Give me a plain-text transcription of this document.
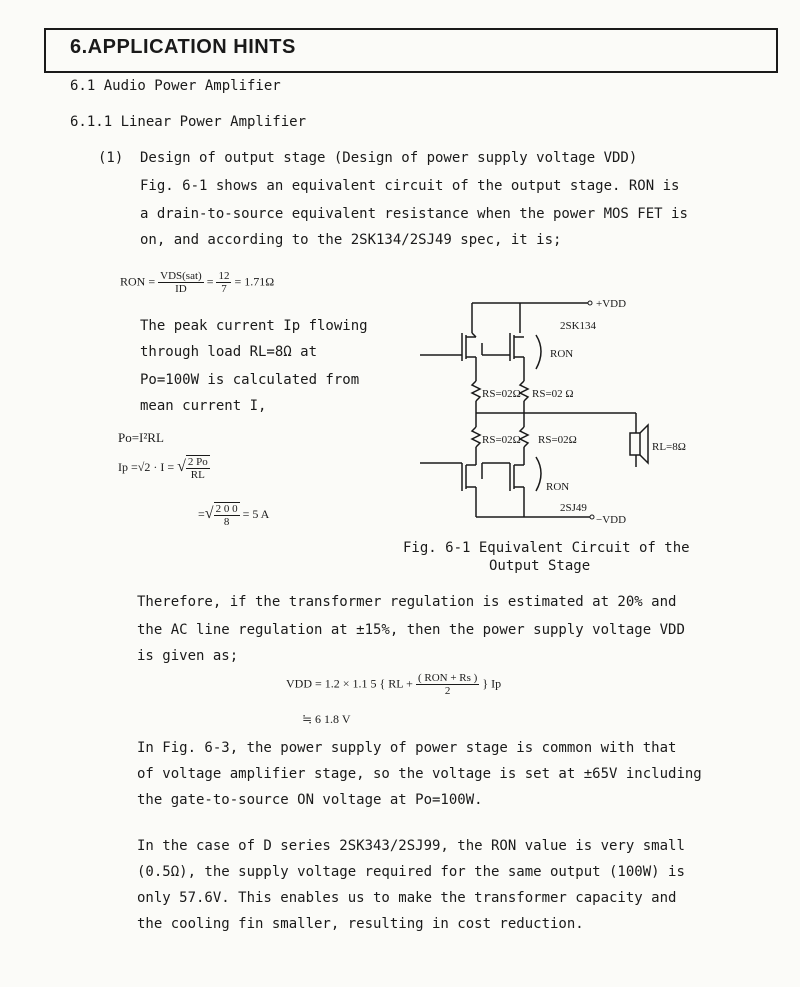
6.APPLICATION HINTS
6.1 Audio Power Amplifier
6.1.1 Linear Power Amplifier
(1) Design of output stage (Design of power supply voltage VDD)
Fig. 6-1 shows an equivalent circuit of the output stage. RON is
a drain-to-source equivalent resistance when the power MOS FET is
on, and according to the 2SK134/2SJ49 spec, it is;
RON = $\frac{\text{VDS(sat)}}{ID} = \frac{12}{7} = 1.71\Omega$
The peak current Ip flowing
through load RL=8Ω at
Po=100W is calculated from
mean current I,
Po=I²RL
Ip =√2 · I = √ $\frac{2 Po}{RL}$
=√ $\frac{2 0 0}{8} = 5$ A
+VDD
2SK134
RON
RS=02Ω RS=02 Ω
RS=02Ω RS=02Ω
RL=8Ω
RON
2SJ49
−VDD
Fig. 6-1 Equivalent Circuit of the
Output Stage
Therefore, if the transformer regulation is estimated at 20% and
the AC line regulation at ±15%, then the power supply voltage VDD
is given as;
VDD = 1.2 × 1.1 5 { RL + $\frac{\text{( RON + Rs )}}{2}$ } Ip
≒ 6 1.8 V
In Fig. 6-3, the power supply of power stage is common with that
of voltage amplifier stage, so the voltage is set at ±65V including
the gate-to-source ON voltage at Po=100W.
In the case of D series 2SK343/2SJ99, the RON value is very small
(0.5Ω), the supply voltage required for the same output (100W) is
only 57.6V. This enables us to make the transformer capacity and
the cooling fin smaller, resulting in cost reduction.
